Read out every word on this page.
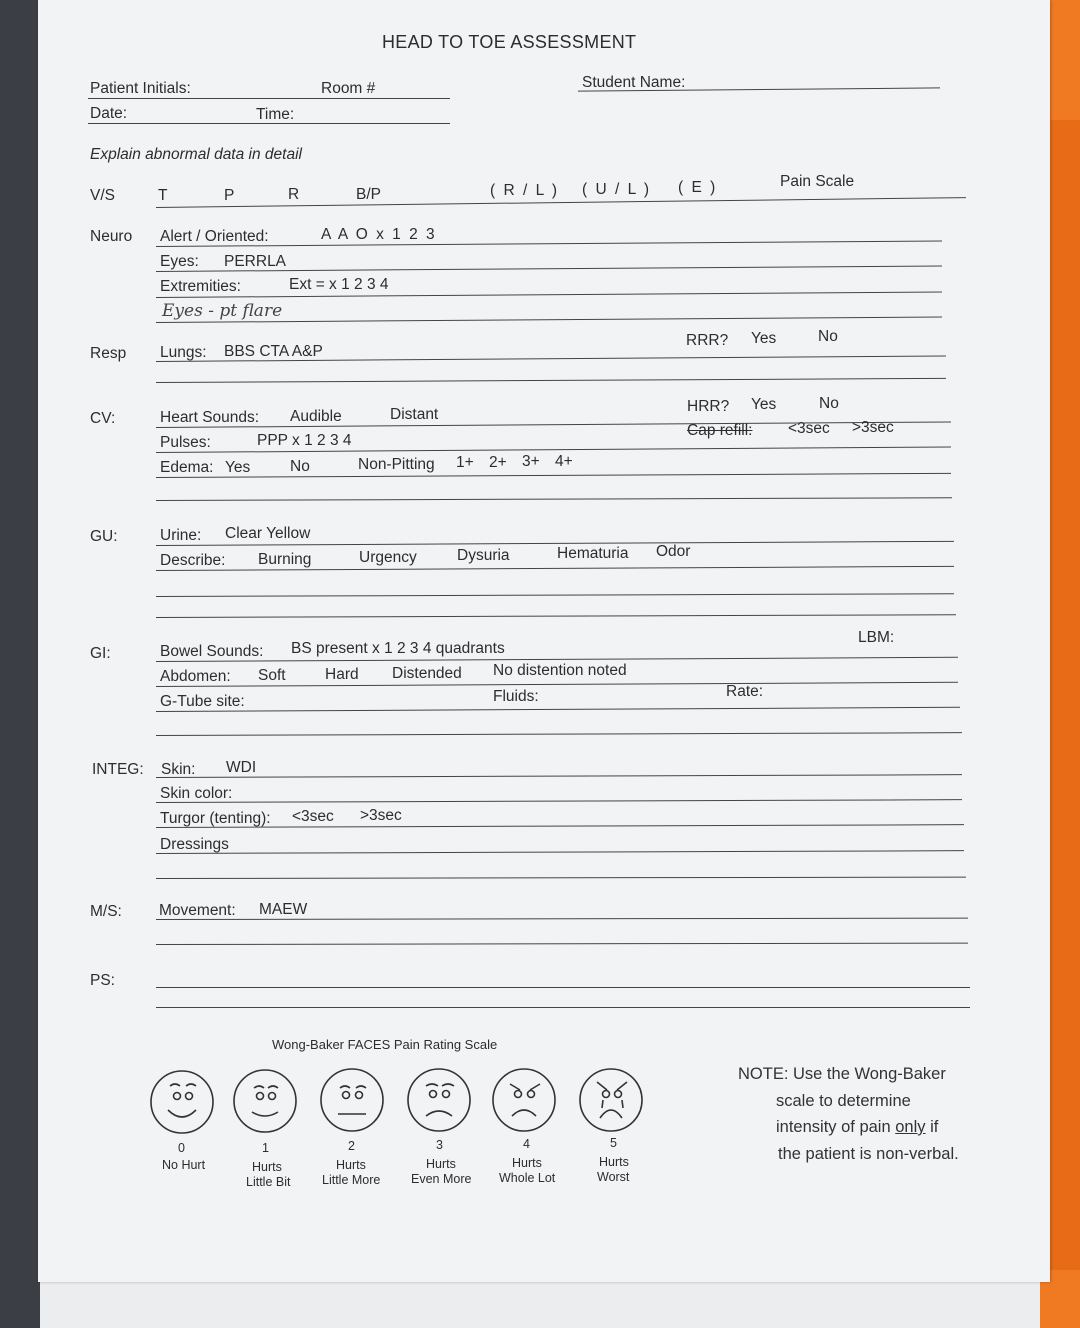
HEAD TO TOE ASSESSMENT
Patient Initials:	Room #	Student Name:
Date:	Time:
Explain abnormal data in detail
V/S	T	P	R	B/P	( R / L ) ( U / L ) ( E )	Pain Scale
Neuro Alert / Oriented:	A A O x 1 2 3
Eyes: PERRLA
Extremities:	Ext = x 1 2 3 4
Eyes - pt flare
Resp Lungs: BBS CTA A&P
RRR? Yes	No
CV:	Heart Sounds: Audible	Distant	HRR? Yes	No
Pulses:	PPP x 1 2 3 4
Cap refill: <3sec >3sec
Edema: Yes	No	Non-Pitting 1+ 2+ 3+ 4+
GU:	Urine: Clear Yellow
Describe: Burning	Urgency	Dysuria	Hematuria Odor
GI:	Bowel Sounds: BS present x 1 2 3 4 quadrants
LBM:
Abdomen: Soft	Hard Distended No distention noted
G-Tube site:	Fluids:	Rate:
INTEG: Skin: WDI
Skin color:
Turgor (tenting): <3sec >3sec
Dressings
M/S: Movement: MAEW
PS:
Wong-Baker FACES Pain Rating Scale
0
No Hurt
1
Hurts
Little Bit
2
Hurts
Little More
3
Hurts
Even More
4
Hurts
Whole Lot
5
Hurts
Worst
NOTE: Use the Wong-Baker
scale to determine
intensity of pain only if
the patient is non-verbal.
